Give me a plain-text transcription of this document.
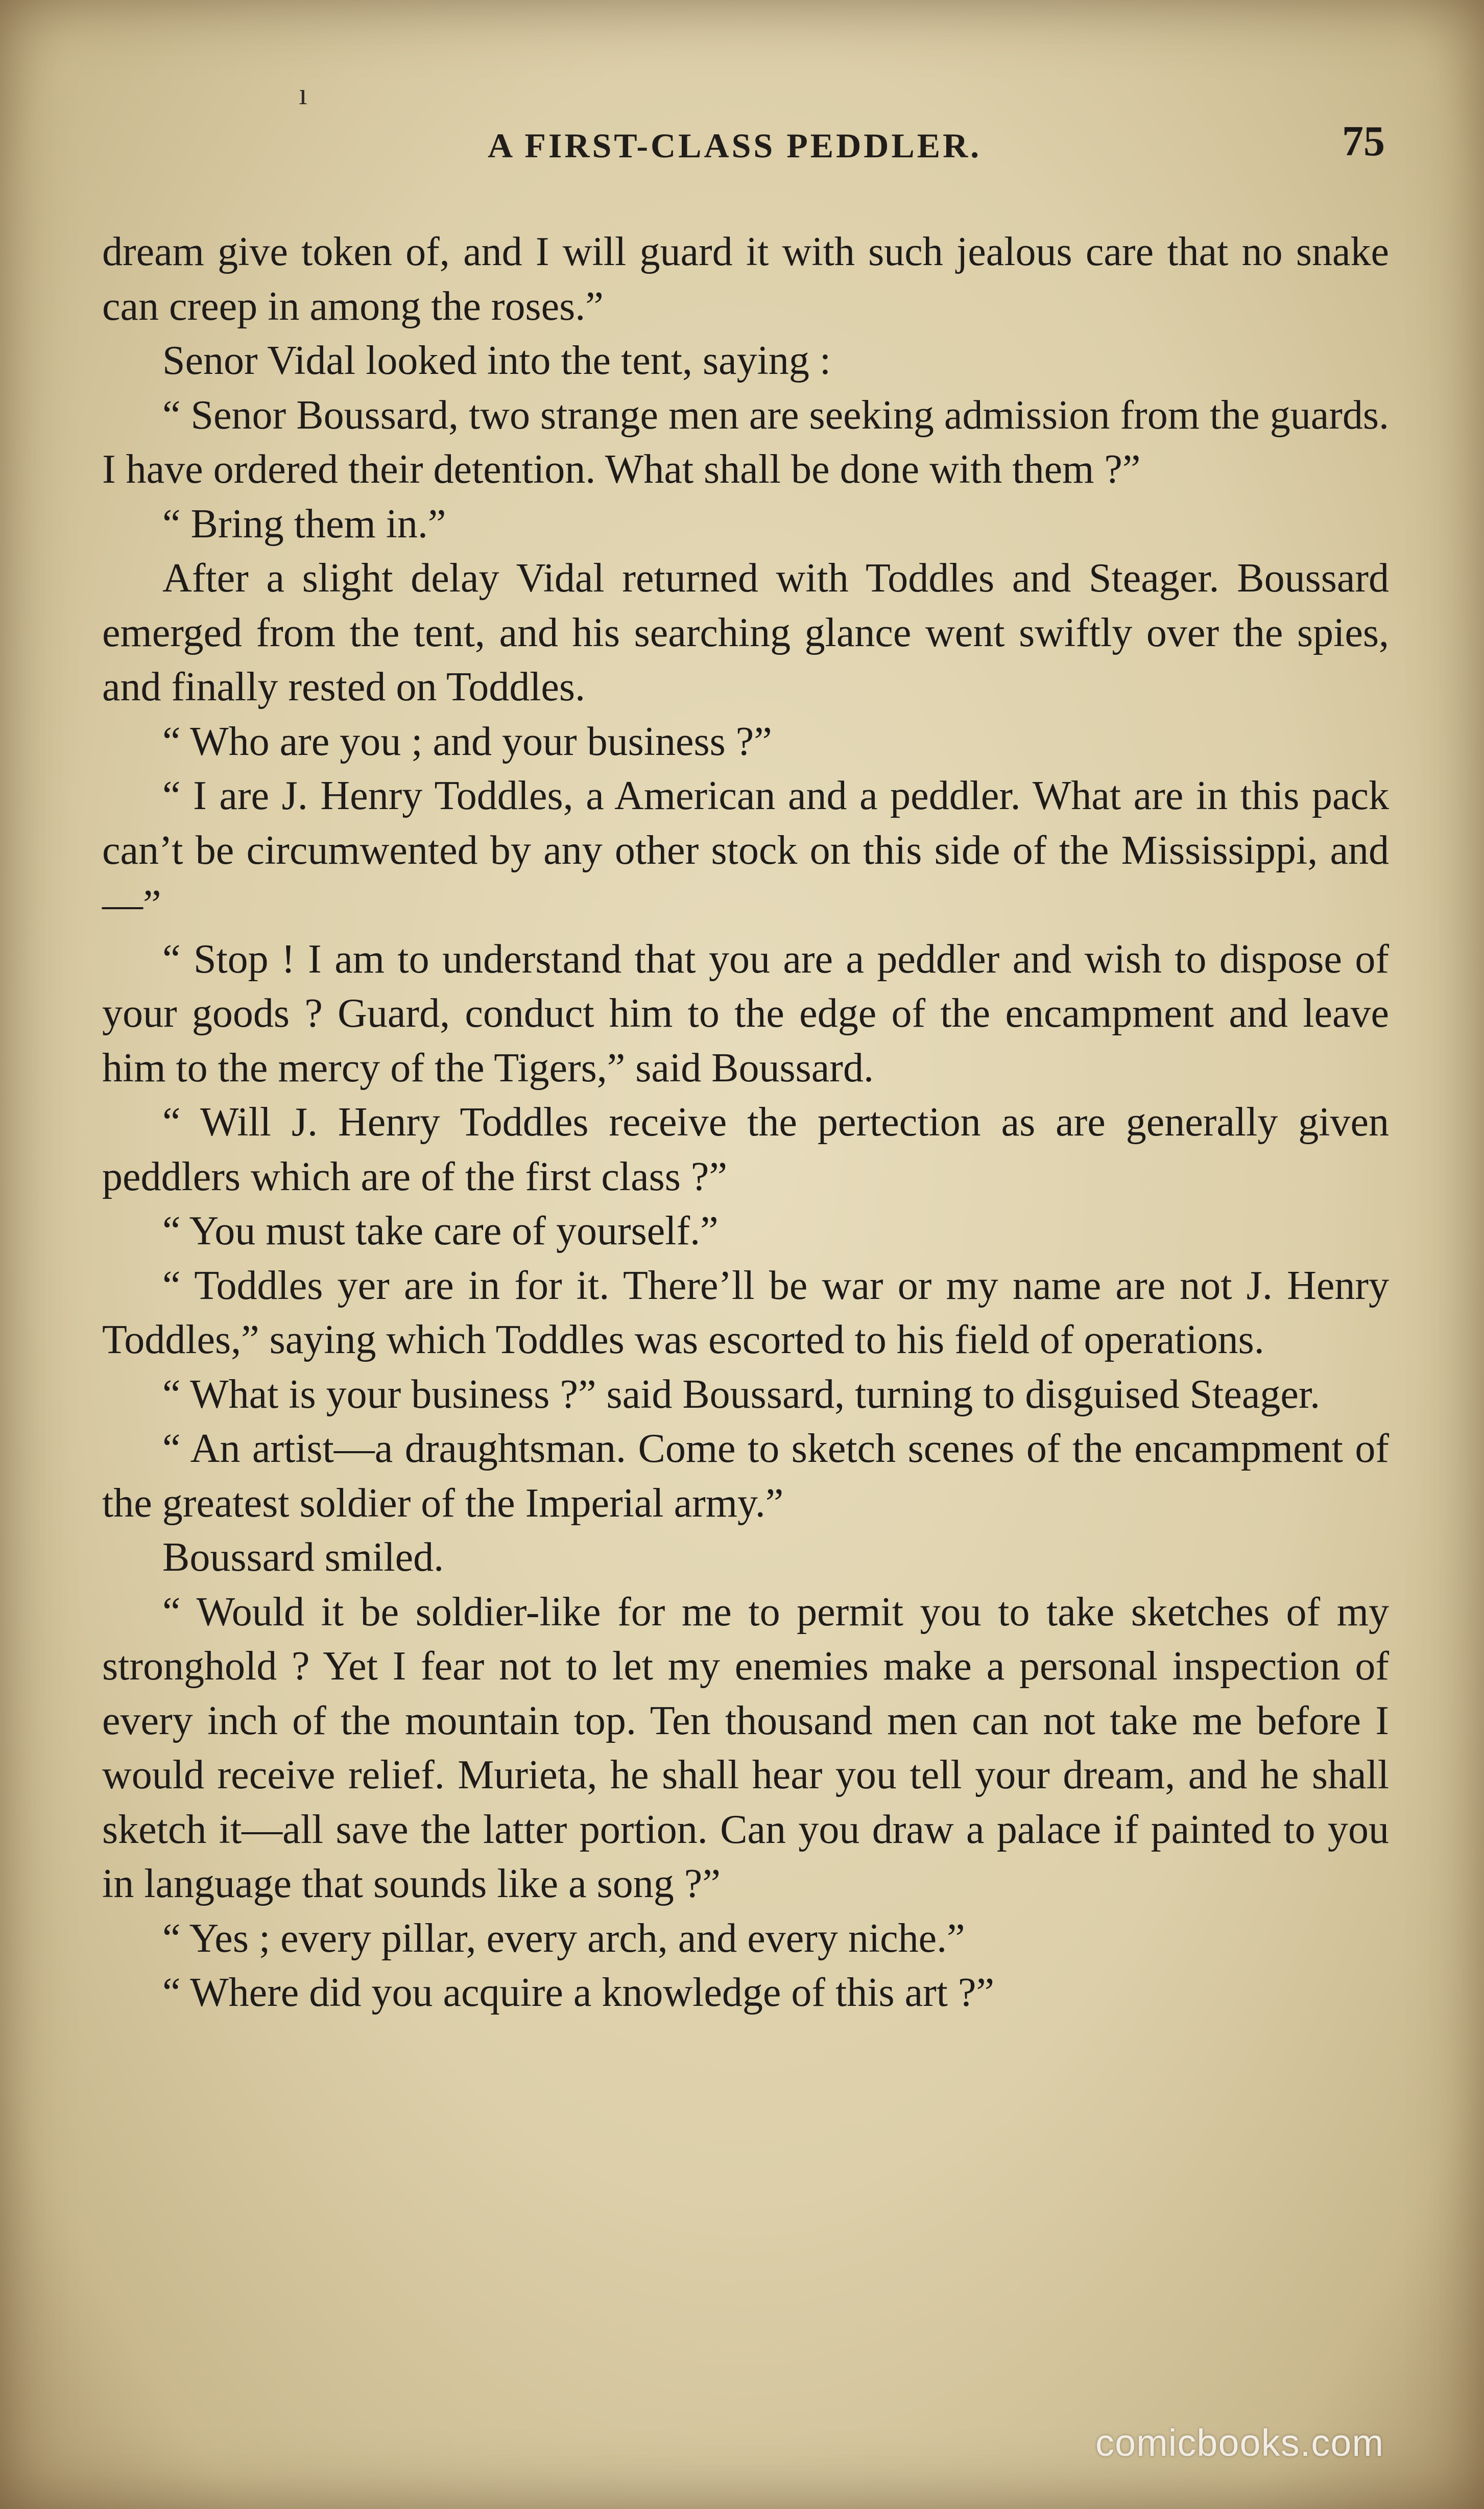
ı
A FIRST-CLASS PEDDLER.	75

dream give token of, and I will guard it with such jealous care that no snake can creep in among the roses.”

Senor Vidal looked into the tent, saying :

“ Senor Boussard, two strange men are seeking admission from the guards. I have ordered their detention. What shall be done with them ?”

“ Bring them in.”

After a slight delay Vidal returned with Toddles and Steager. Boussard emerged from the tent, and his searching glance went swiftly over the spies, and finally rested on Toddles.

“ Who are you ; and your business ?”

“ I are J. Henry Toddles, a American and a peddler. What are in this pack can’t be circumwented by any other stock on this side of the Mississippi, and—”

“ Stop ! I am to understand that you are a peddler and wish to dispose of your goods ? Guard, conduct him to the edge of the encampment and leave him to the mercy of the Tigers,” said Boussard.

“ Will J. Henry Toddles receive the pertection as are generally given peddlers which are of the first class ?”

“ You must take care of yourself.”

“ Toddles yer are in for it. There’ll be war or my name are not J. Henry Toddles,” saying which Toddles was escorted to his field of operations.

“ What is your business ?” said Boussard, turning to disguised Steager.

“ An artist—a draughtsman. Come to sketch scenes of the encampment of the greatest soldier of the Imperial army.”

Boussard smiled.

“ Would it be soldier-like for me to permit you to take sketches of my stronghold ? Yet I fear not to let my enemies make a personal inspection of every inch of the mountain top. Ten thousand men can not take me before I would receive relief. Murieta, he shall hear you tell your dream, and he shall sketch it—all save the latter portion. Can you draw a palace if painted to you in language that sounds like a song ?”

“ Yes ; every pillar, every arch, and every niche.”

“ Where did you acquire a knowledge of this art ?”

comicbooks.com
